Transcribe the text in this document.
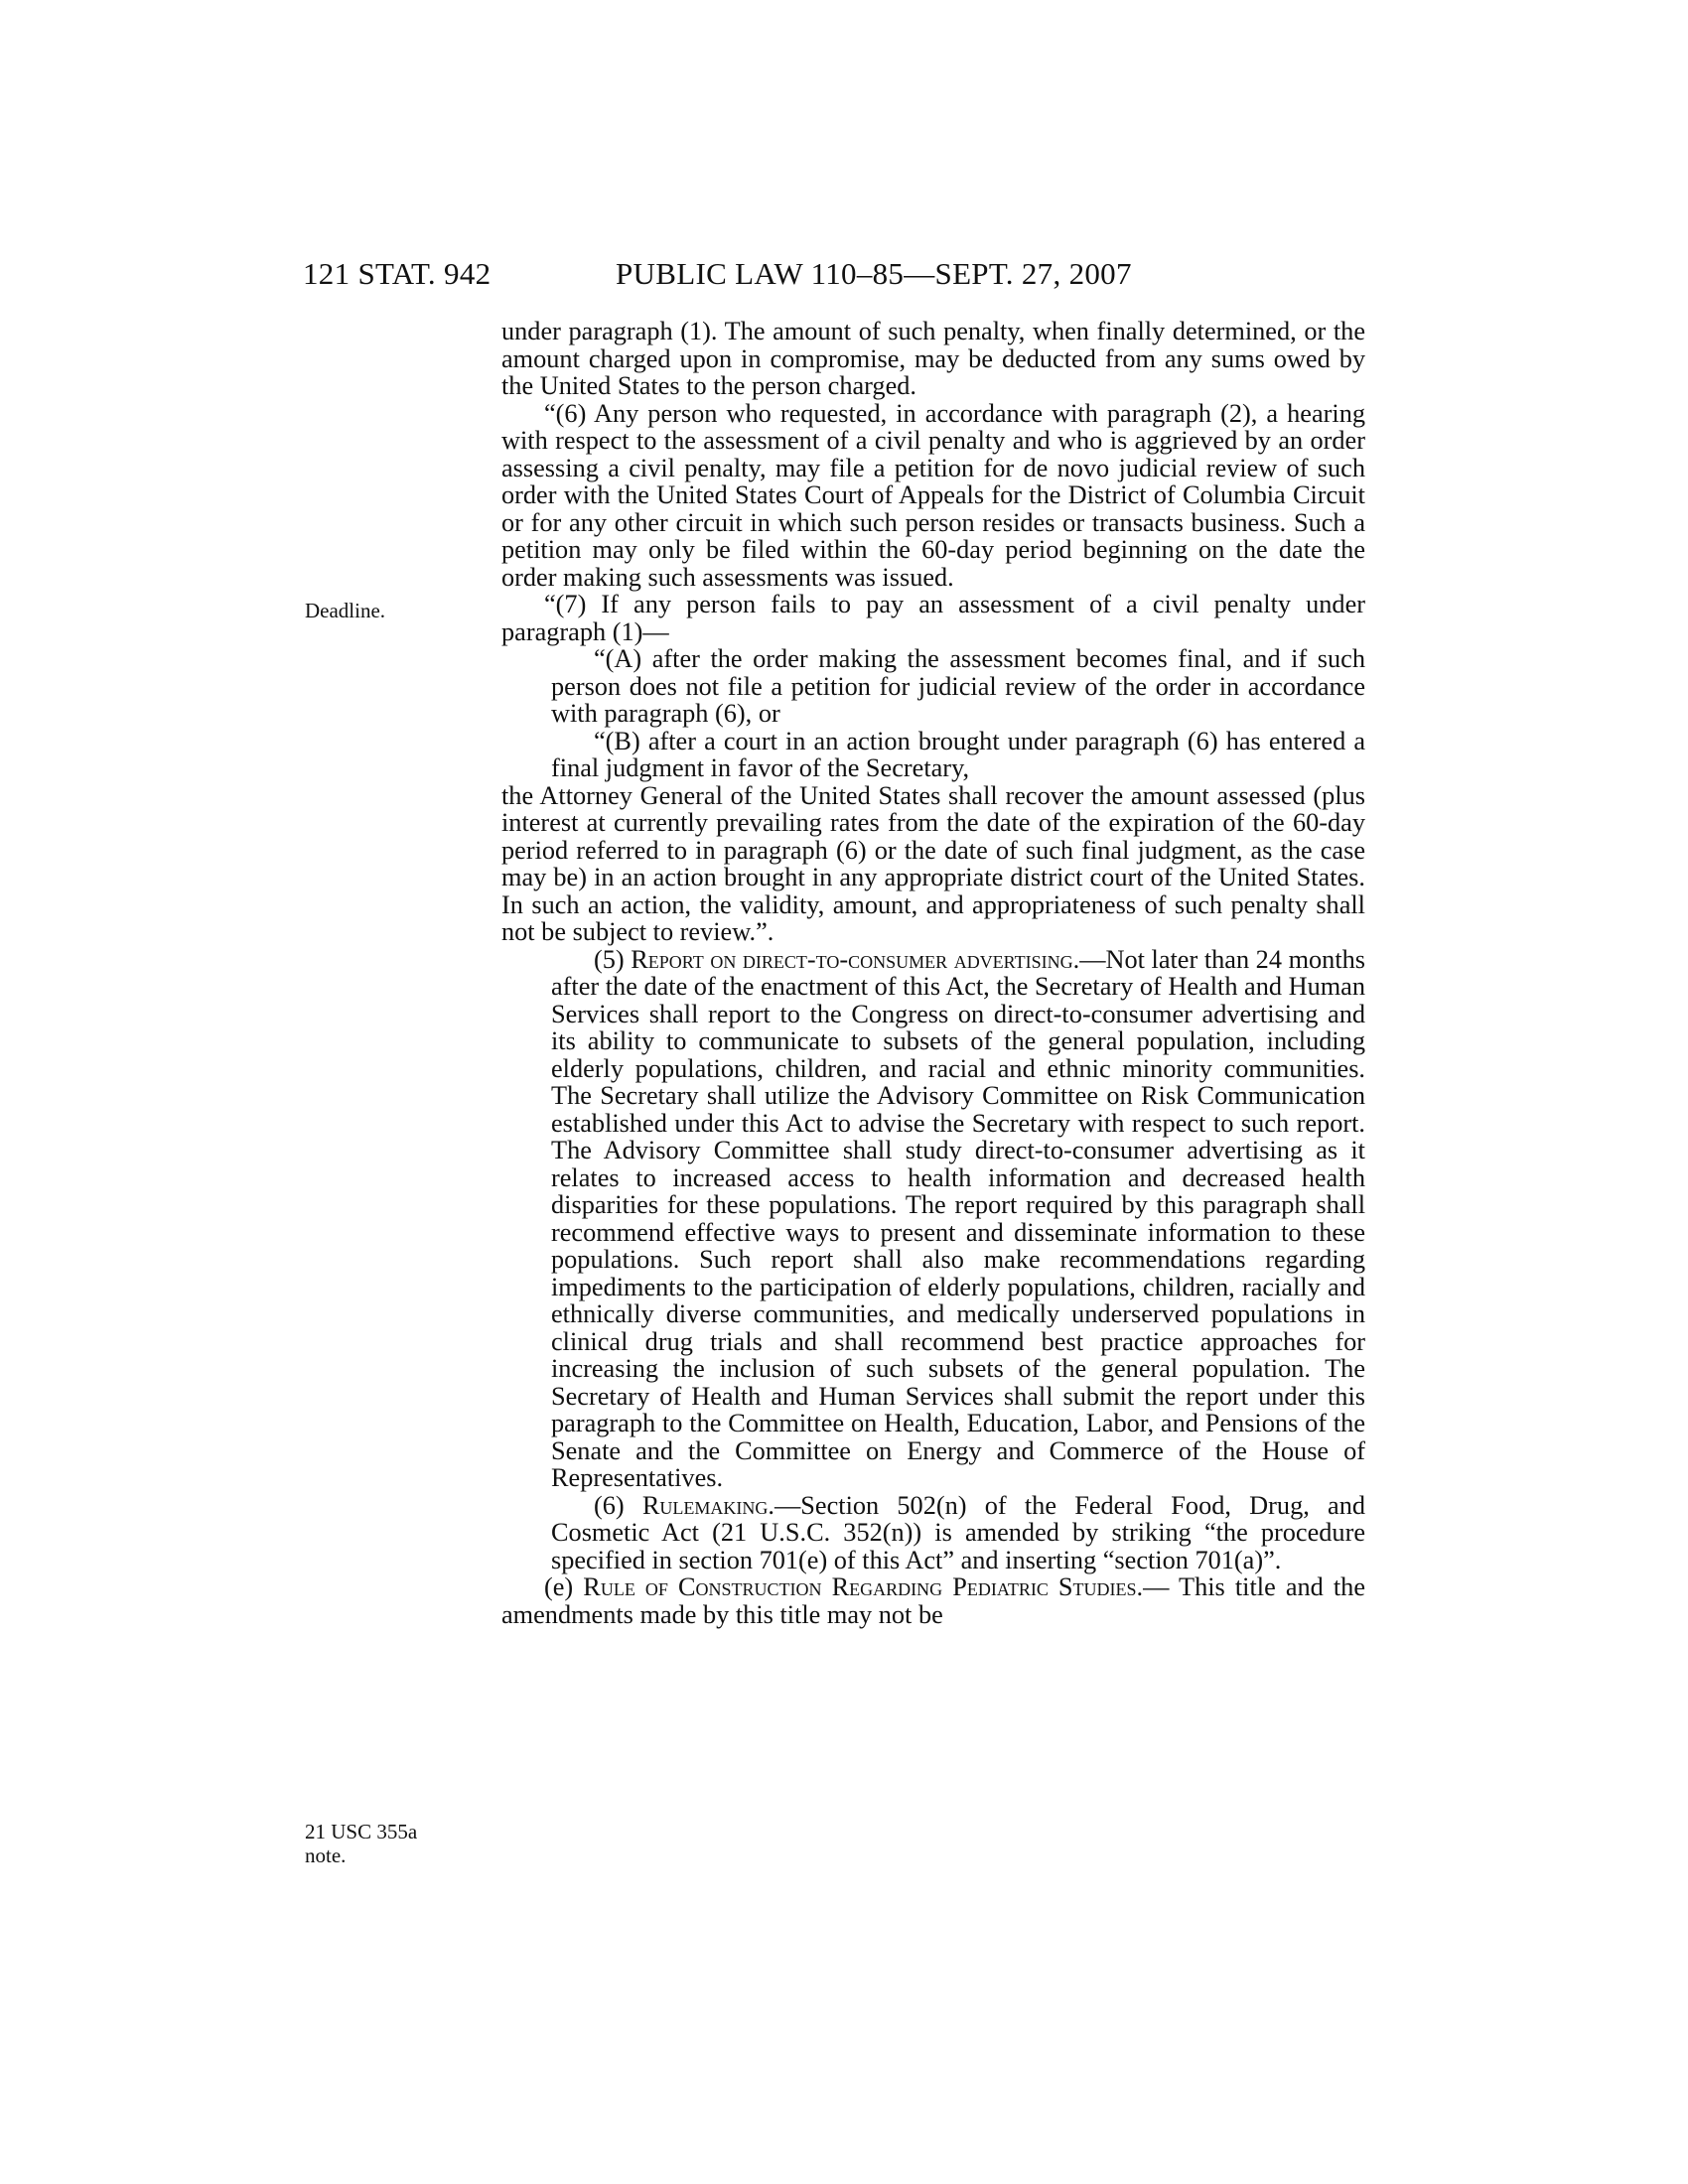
121 STAT. 942	PUBLIC LAW 110–85—SEPT. 27, 2007
Deadline.
21 USC 355a note.

under paragraph (1). The amount of such penalty, when finally determined, or the amount charged upon in compromise, may be deducted from any sums owed by the United States to the person charged.

“(6) Any person who requested, in accordance with paragraph (2), a hearing with respect to the assessment of a civil penalty and who is aggrieved by an order assessing a civil penalty, may file a petition for de novo judicial review of such order with the United States Court of Appeals for the District of Columbia Circuit or for any other circuit in which such person resides or transacts business. Such a petition may only be filed within the 60-day period beginning on the date the order making such assessments was issued.

“(7) If any person fails to pay an assessment of a civil penalty under paragraph (1)—

“(A) after the order making the assessment becomes final, and if such person does not file a petition for judicial review of the order in accordance with paragraph (6), or

“(B) after a court in an action brought under paragraph (6) has entered a final judgment in favor of the Secretary,

the Attorney General of the United States shall recover the amount assessed (plus interest at currently prevailing rates from the date of the expiration of the 60-day period referred to in paragraph (6) or the date of such final judgment, as the case may be) in an action brought in any appropriate district court of the United States. In such an action, the validity, amount, and appropriateness of such penalty shall not be subject to review.”.

(5) Report on direct-to-consumer advertising.—Not later than 24 months after the date of the enactment of this Act, the Secretary of Health and Human Services shall report to the Congress on direct-to-consumer advertising and its ability to communicate to subsets of the general population, including elderly populations, children, and racial and ethnic minority communities. The Secretary shall utilize the Advisory Committee on Risk Communication established under this Act to advise the Secretary with respect to such report. The Advisory Committee shall study direct-to-consumer advertising as it relates to increased access to health information and decreased health disparities for these populations. The report required by this paragraph shall recommend effective ways to present and disseminate information to these populations. Such report shall also make recommendations regarding impediments to the participation of elderly populations, children, racially and ethnically diverse communities, and medically underserved populations in clinical drug trials and shall recommend best practice approaches for increasing the inclusion of such subsets of the general population. The Secretary of Health and Human Services shall submit the report under this paragraph to the Committee on Health, Education, Labor, and Pensions of the Senate and the Committee on Energy and Commerce of the House of Representatives.

(6) Rulemaking.—Section 502(n) of the Federal Food, Drug, and Cosmetic Act (21 U.S.C. 352(n)) is amended by striking “the procedure specified in section 701(e) of this Act” and inserting “section 701(a)”.

(e) Rule of Construction Regarding Pediatric Studies.— This title and the amendments made by this title may not be
